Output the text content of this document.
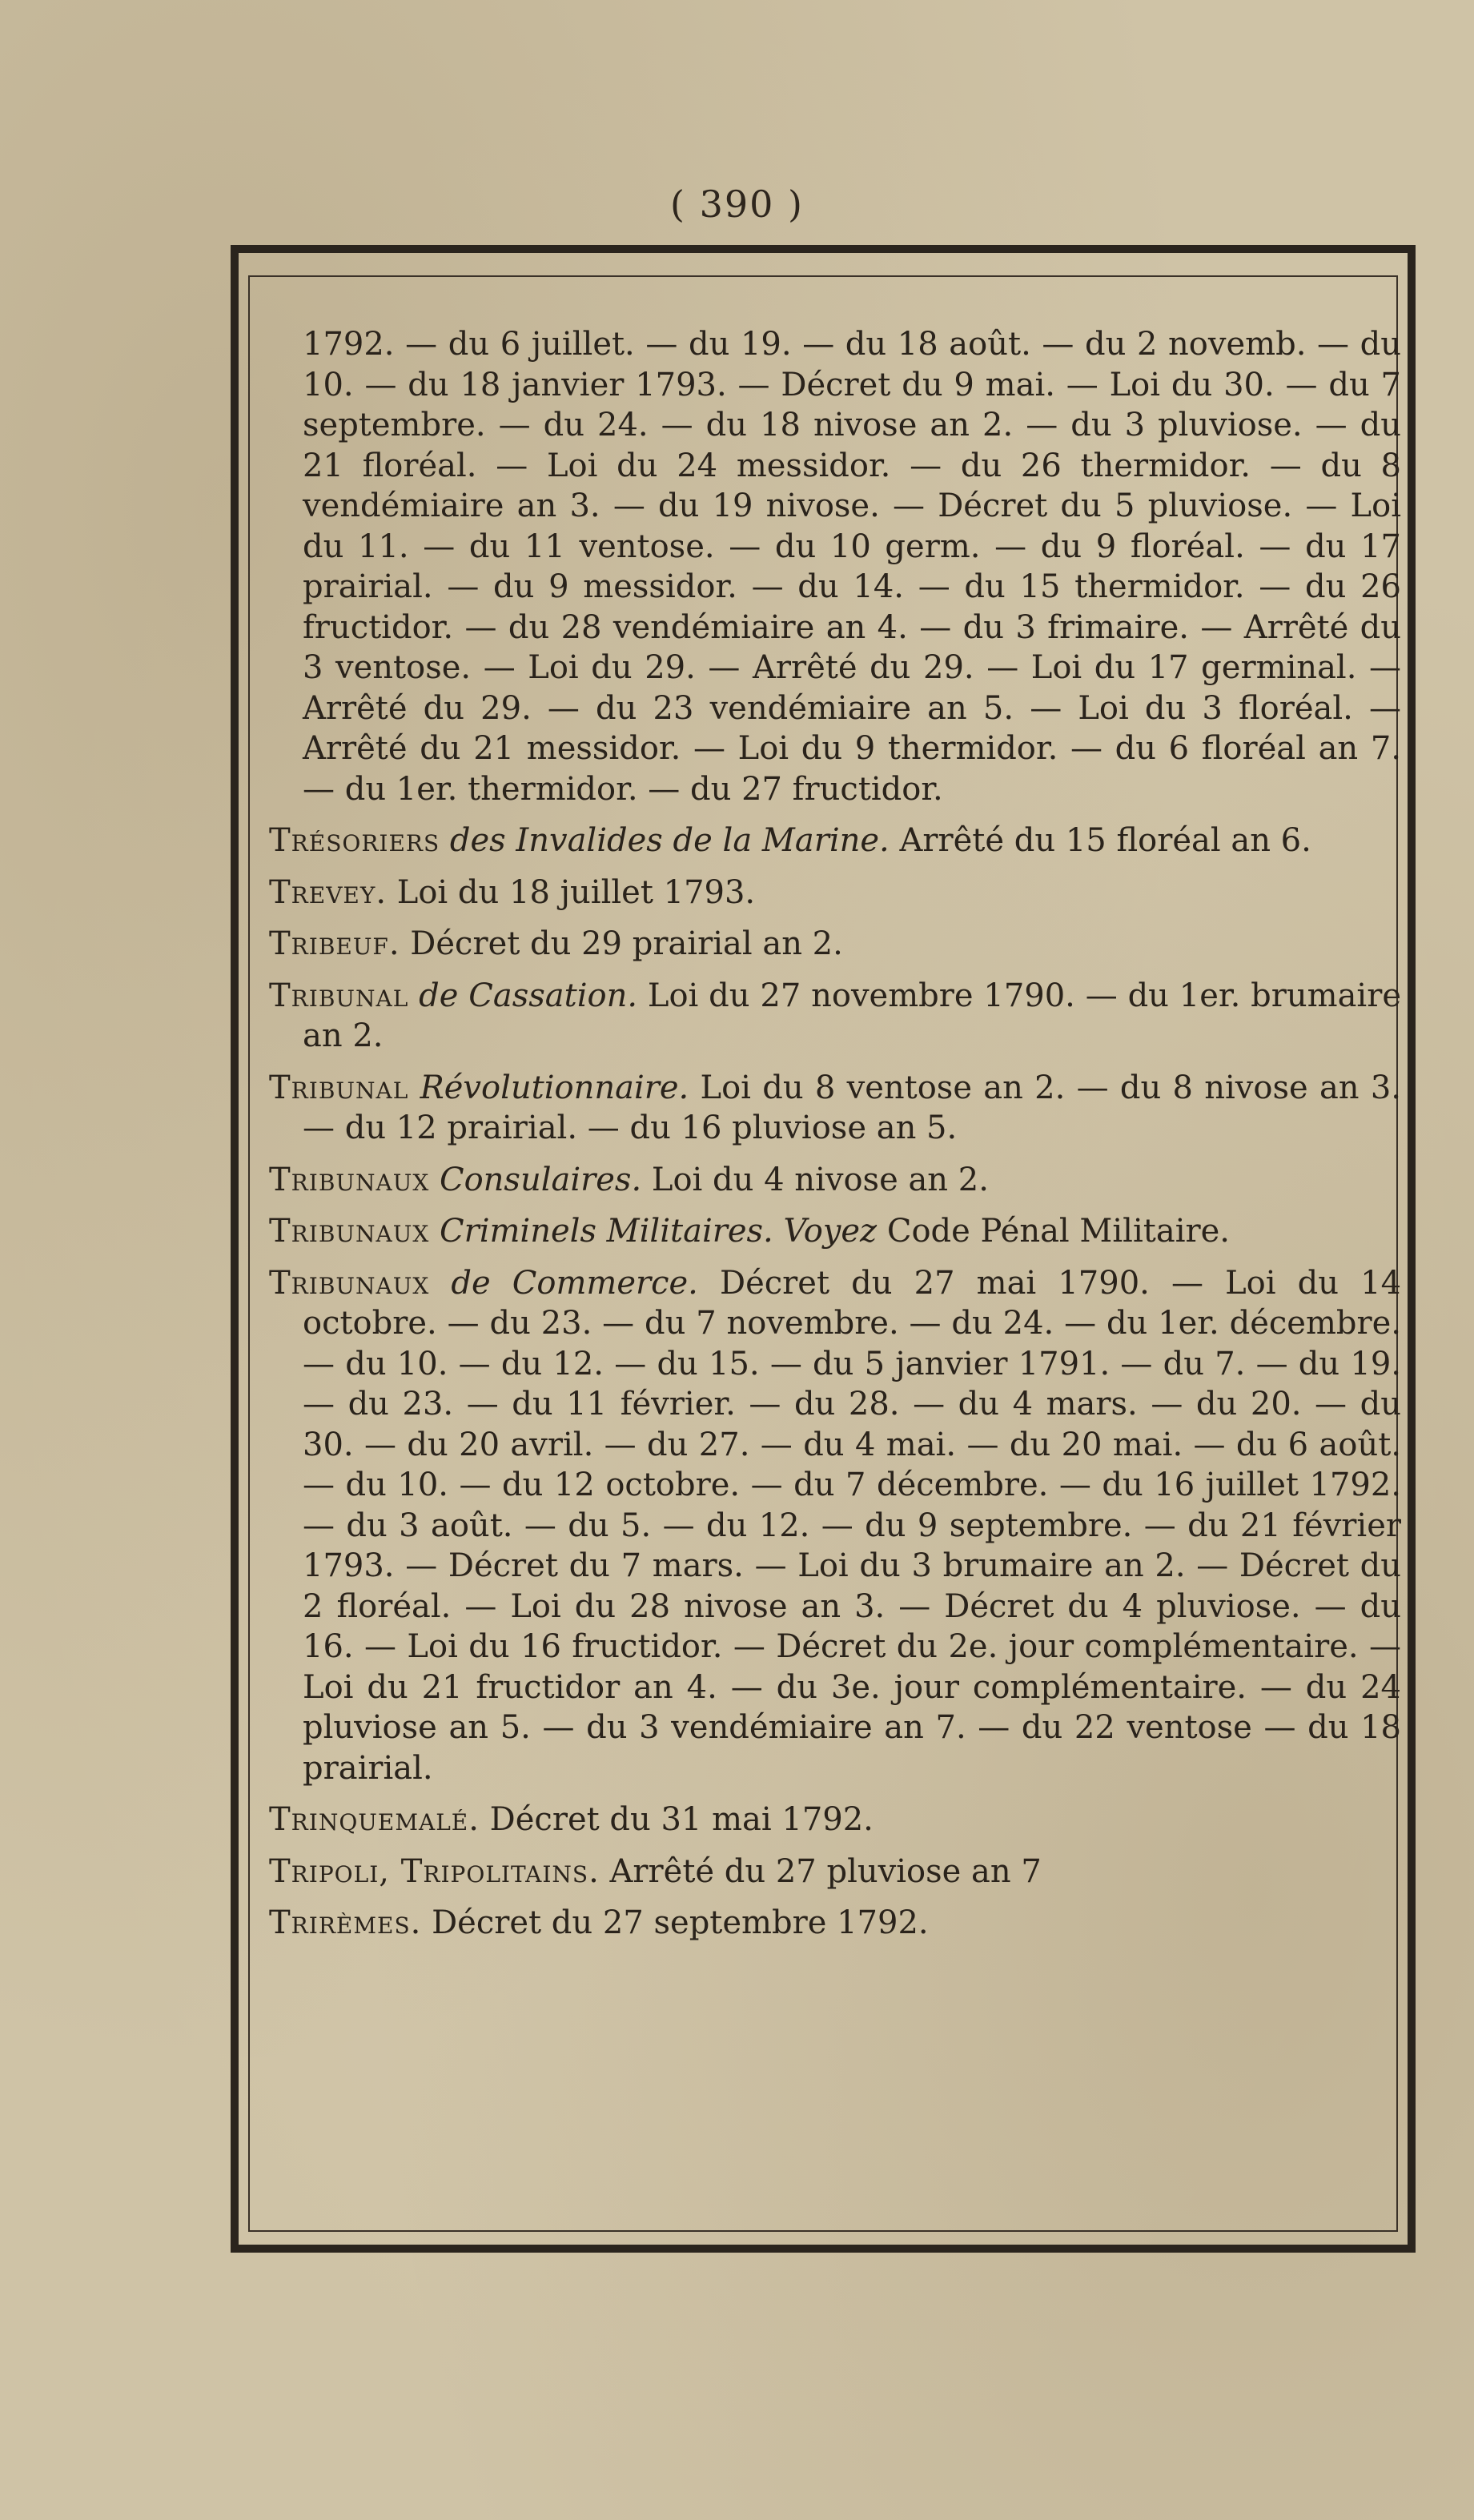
( 390 )

1792. — du 6 juillet. — du 19. — du 18 août. — du 2 novemb. — du 10. — du 18 janvier 1793. — Décret du 9 mai. — Loi du 30. — du 7 septembre. — du 24. — du 18 nivose an 2. — du 3 pluviose. — du 21 floréal. — Loi du 24 messidor. — du 26 thermidor. — du 8 vendémiaire an 3. — du 19 nivose. — Décret du 5 pluviose. — Loi du 11. — du 11 ventose. — du 10 germ. — du 9 floréal. — du 17 prairial. — du 9 messidor. — du 14. — du 15 thermidor. — du 26 fructidor. — du 28 vendémiaire an 4. — du 3 frimaire. — Arrêté du 3 ventose. — Loi du 29. — Arrêté du 29. — Loi du 17 germinal. — Arrêté du 29. — du 23 vendémiaire an 5. — Loi du 3 floréal. — Arrêté du 21 messidor. — Loi du 9 thermidor. — du 6 floréal an 7. — du 1er. thermidor. — du 27 fructidor.

Trésoriers des Invalides de la Marine. Arrêté du 15 floréal an 6.

Trevey. Loi du 18 juillet 1793.

Tribeuf. Décret du 29 prairial an 2.

Tribunal de Cassation. Loi du 27 novembre 1790. — du 1er. brumaire an 2.

Tribunal Révolutionnaire. Loi du 8 ventose an 2. — du 8 nivose an 3. — du 12 prairial. — du 16 pluviose an 5.

Tribunaux Consulaires. Loi du 4 nivose an 2.

Tribunaux Criminels Militaires. Voyez Code Pénal Militaire.

Tribunaux de Commerce. Décret du 27 mai 1790. — Loi du 14 octobre. — du 23. — du 7 novembre. — du 24. — du 1er. décembre. — du 10. — du 12. — du 15. — du 5 janvier 1791. — du 7. — du 19. — du 23. — du 11 février. — du 28. — du 4 mars. — du 20. — du 30. — du 20 avril. — du 27. — du 4 mai. — du 20 mai. — du 6 août. — du 10. — du 12 octobre. — du 7 décembre. — du 16 juillet 1792. — du 3 août. — du 5. — du 12. — du 9 septembre. — du 21 février 1793. — Décret du 7 mars. — Loi du 3 brumaire an 2. — Décret du 2 floréal. — Loi du 28 nivose an 3. — Décret du 4 pluviose. — du 16. — Loi du 16 fructidor. — Décret du 2e. jour complémentaire. — Loi du 21 fructidor an 4. — du 3e. jour complémentaire. — du 24 pluviose an 5. — du 3 vendémiaire an 7. — du 22 ventose — du 18 prairial.

Trinquemalé. Décret du 31 mai 1792.

Tripoli, Tripolitains. Arrêté du 27 pluviose an 7

Trirèmes. Décret du 27 septembre 1792.
